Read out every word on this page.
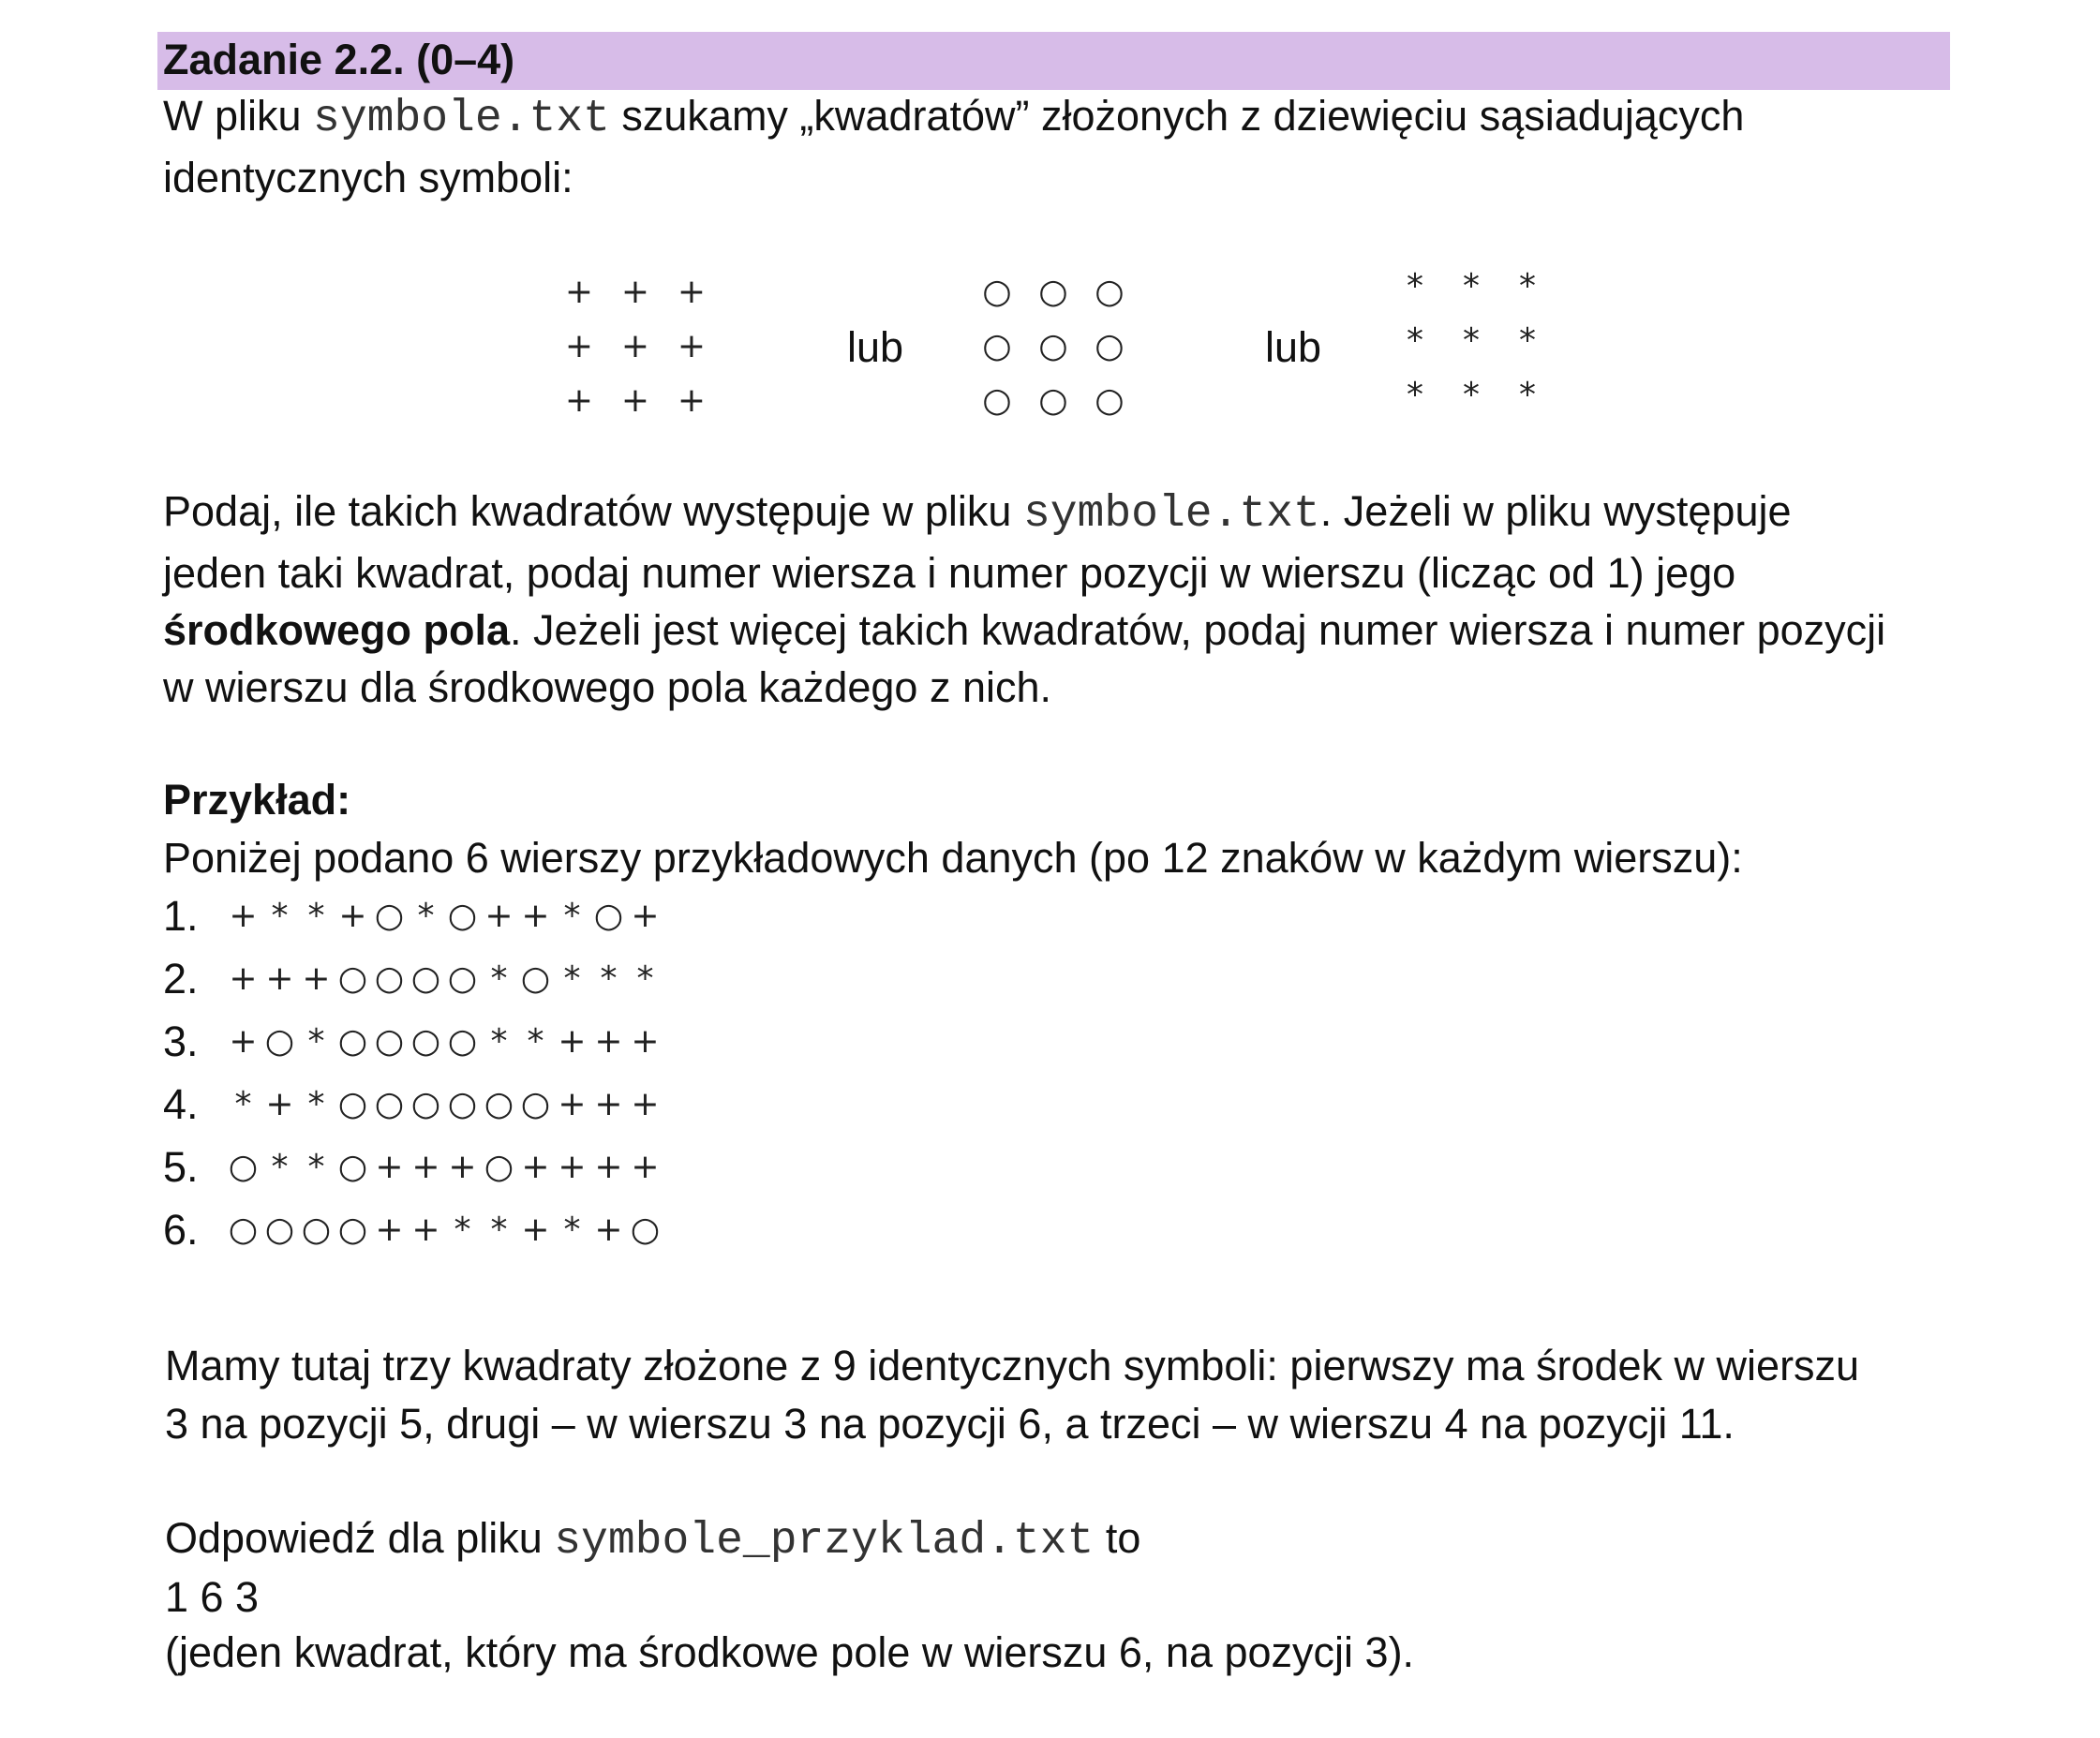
Zadanie 2.2. (0–4)
W pliku symbole.txt szukamy „kwadratów” złożonych z dziewięciu sąsiadujących
identycznych symboli:
+ + +
+ + +
+ + +
○ ○ ○
○ ○ ○
○ ○ ○
*	*	*
*	*	*
*	*	*
lub	lub
Podaj, ile takich kwadratów występuje w pliku symbole.txt. Jeżeli w pliku występuje
jeden taki kwadrat, podaj numer wiersza i numer pozycji w wierszu (licząc od 1) jego
środkowego pola. Jeżeli jest więcej takich kwadratów, podaj numer wiersza i numer pozycji
w wierszu dla środkowego pola każdego z nich.
Przykład:
Poniżej podano 6 wierszy przykładowych danych (po 12 znaków w każdym wierszu):
1. + * * + ○ * ○ + + * ○ +
2. + + + ○ ○ ○ ○ * ○ * * *
3. + ○ * ○ ○ ○ ○ * * + + +
4. * + * ○ ○ ○ ○ ○ ○ + + +
5. ○ * * ○ + + + ○ + + + +
6. ○ ○ ○ ○ + + * * + * + ○
Mamy tutaj trzy kwadraty złożone z 9 identycznych symboli: pierwszy ma środek w wierszu
3 na pozycji 5, drugi – w wierszu 3 na pozycji 6, a trzeci – w wierszu 4 na pozycji 11.
Odpowiedź dla pliku symbole_przyklad.txt to
1 6 3
(jeden kwadrat, który ma środkowe pole w wierszu 6, na pozycji 3).
